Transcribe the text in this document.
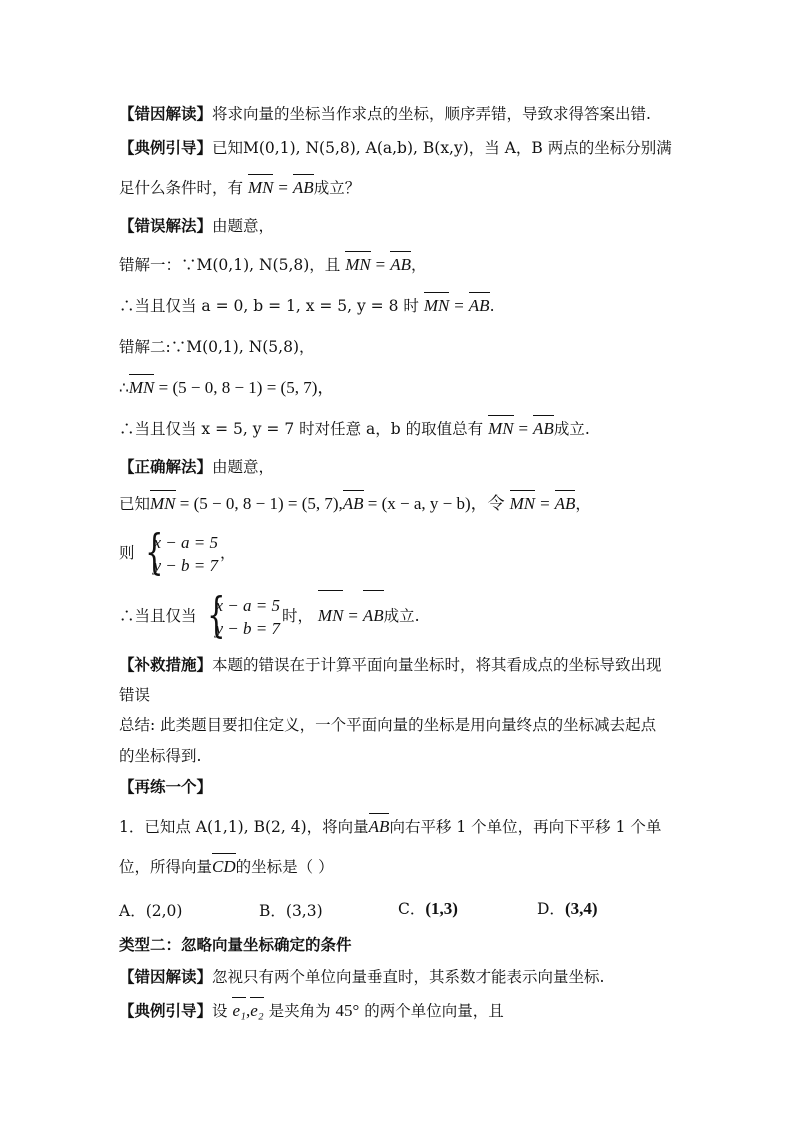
【错因解读】将求向量的坐标当作求点的坐标，顺序弄错，导致求得答案出错.
【典例引导】已知M(0,1), N(5,8), A(a,b), B(x,y)，当 A，B 两点的坐标分别满
足什么条件时，有 MN = AB成立？
【错误解法】由题意，
错解一：∵M(0,1), N(5,8)，且 MN = AB，
∴当且仅当 a = 0, b = 1, x = 5, y = 8 时 MN = AB.
错解二:∵M(0,1), N(5,8)，
∴MN = (5 − 0, 8 − 1) = (5, 7)，
∴当且仅当 x = 5, y = 7 时对任意 a，b 的取值总有 MN = AB成立.
【正确解法】由题意，
已知MN = (5 − 0, 8 − 1) = (5, 7),AB = (x − a, y − b)，令 MN = AB，
则
{ x − a = 5
y − b = 7
，
∴当且仅当
{ x − a = 5
y − b = 7
时， MN = AB成立.
【补救措施】本题的错误在于计算平面向量坐标时，将其看成点的坐标导致出现
错误
总结: 此类题目要扣住定义，一个平面向量的坐标是用向量终点的坐标减去起点
的坐标得到.
【再练一个】
1．已知点 A(1,1), B(2, 4)，将向量AB向右平移 1 个单位，再向下平移 1 个单
位，所得向量CD的坐标是（ ）
A．(2,0)	B．(3,3)	C．(1,3)	D．(3,4)
类型二：忽略向量坐标确定的条件
【错因解读】忽视只有两个单位向量垂直时，其系数才能表示向量坐标.
【典例引导】设 e₁,e₂ 是夹角为 45° 的两个单位向量，且
